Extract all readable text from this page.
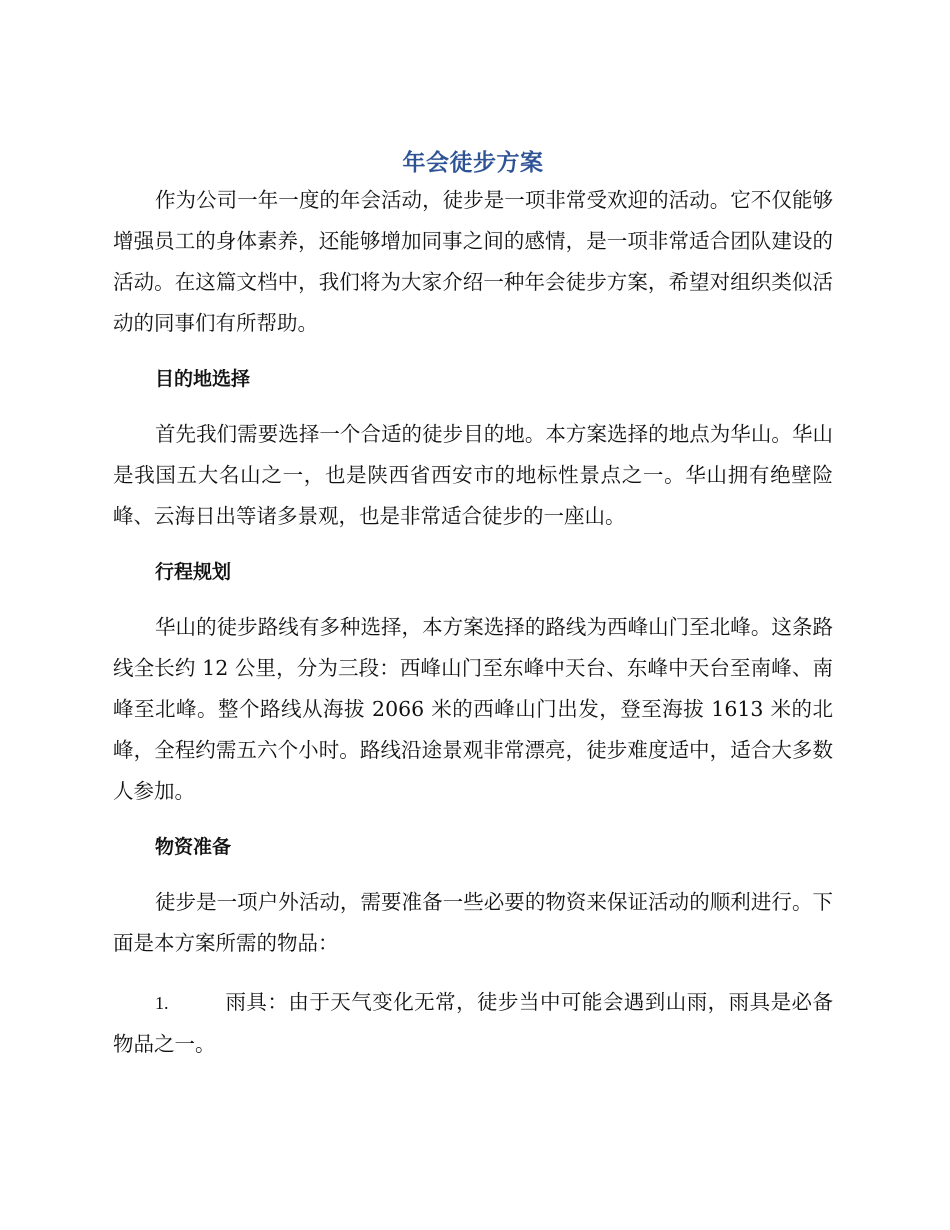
年会徒步方案

作为公司一年一度的年会活动，徒步是一项非常受欢迎的活动。它不仅能够增强员工的身体素养，还能够增加同事之间的感情，是一项非常适合团队建设的活动。在这篇文档中，我们将为大家介绍一种年会徒步方案，希望对组织类似活动的同事们有所帮助。

目的地选择

首先我们需要选择一个合适的徒步目的地。本方案选择的地点为华山。华山是我国五大名山之一，也是陕西省西安市的地标性景点之一。华山拥有绝壁险峰、云海日出等诸多景观，也是非常适合徒步的一座山。

行程规划

华山的徒步路线有多种选择，本方案选择的路线为西峰山门至北峰。这条路线全长约 12 公里，分为三段：西峰山门至东峰中天台、东峰中天台至南峰、南峰至北峰。整个路线从海拔 2066 米的西峰山门出发，登至海拔 1613 米的北峰，全程约需五六个小时。路线沿途景观非常漂亮，徒步难度适中，适合大多数人参加。

物资准备

徒步是一项户外活动，需要准备一些必要的物资来保证活动的顺利进行。下面是本方案所需的物品：

1.	雨具：由于天气变化无常，徒步当中可能会遇到山雨，雨具是必备物品之一。
